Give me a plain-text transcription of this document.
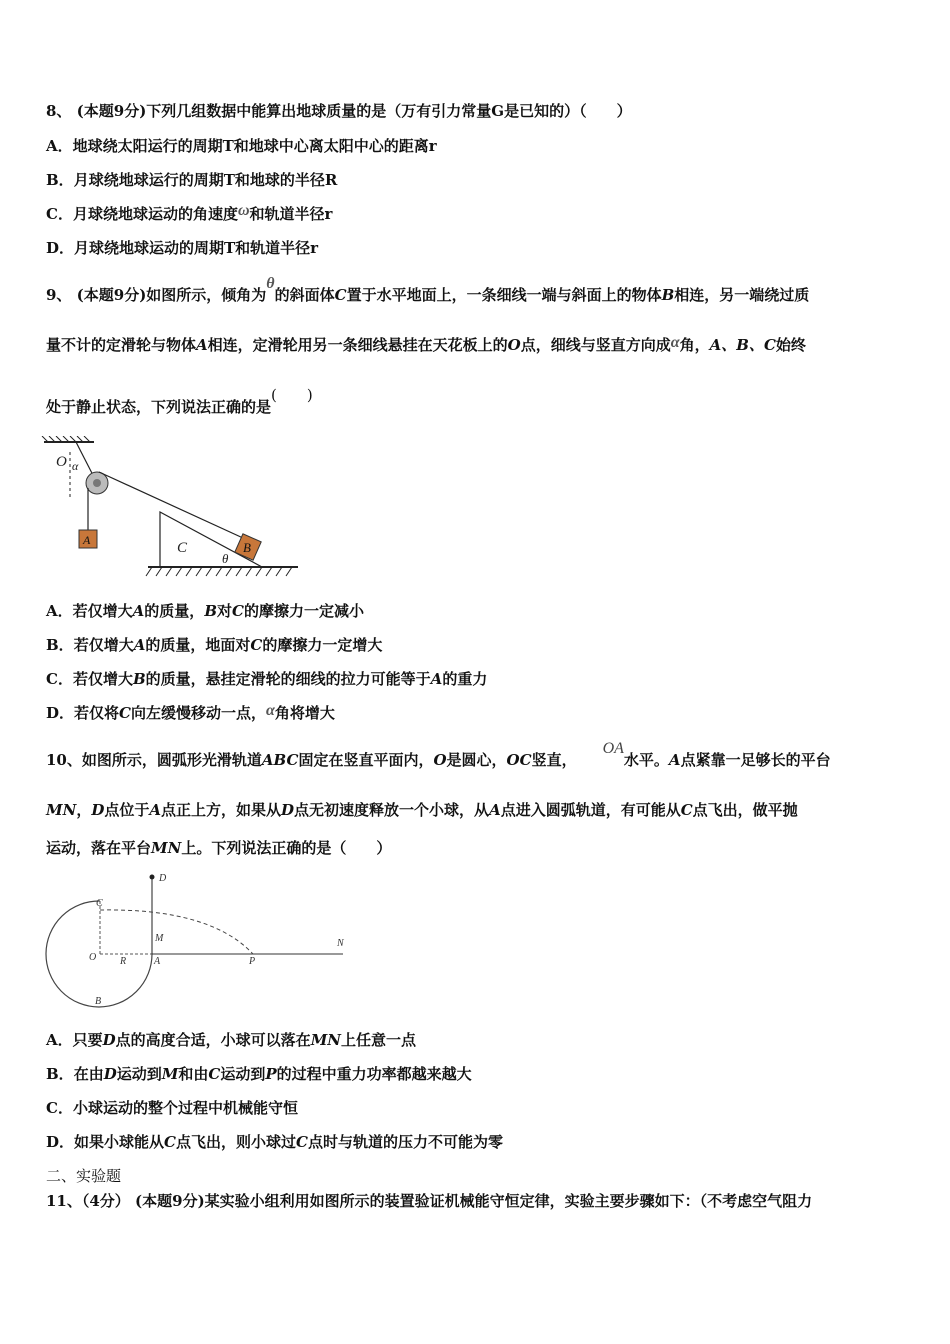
8、 (本题9分)下列几组数据中能算出地球质量的是（万有引力常量G是已知的）（　　）
A．地球绕太阳运行的周期T和地球中心离太阳中心的距离r
B．月球绕地球运行的周期T和地球的半径R
C．月球绕地球运动的角速度ω和轨道半径r
D．月球绕地球运动的周期T和轨道半径r
9、 (本题9分)如图所示，倾角为θ的斜面体C置于水平地面上，一条细线一端与斜面上的物体B相连，另一端绕过质
量不计的定滑轮与物体A相连，定滑轮用另一条细线悬挂在天花板上的O点，细线与竖直方向成α角，A、B、C始终
处于静止状态，下列说法正确的是(　　)
O α
A	B
C
θ
A．若仅增大A的质量，B对C的摩擦力一定减小
B．若仅增大A的质量，地面对C的摩擦力一定增大
C．若仅增大B的质量，悬挂定滑轮的细线的拉力可能等于A的重力
D．若仅将C向左缓慢移动一点，α角将增大
10、如图所示，圆弧形光滑轨道ABC固定在竖直平面内，O是圆心，OC竖直，OA水平。A点紧靠一足够长的平台
MN，D点位于A点正上方，如果从D点无初速度释放一个小球，从A点进入圆弧轨道，有可能从C点飞出，做平抛
运动，落在平台MN上。下列说法正确的是（　　）
C
D
M	N
O R	A	P
B
A．只要D点的高度合适，小球可以落在MN上任意一点
B．在由D运动到M和由C运动到P的过程中重力功率都越来越大
C．小球运动的整个过程中机械能守恒
D．如果小球能从C点飞出，则小球过C点时与轨道的压力不可能为零
二、实验题
11、（4分） (本题9分)某实验小组利用如图所示的装置验证机械能守恒定律，实验主要步骤如下：（不考虑空气阻力
